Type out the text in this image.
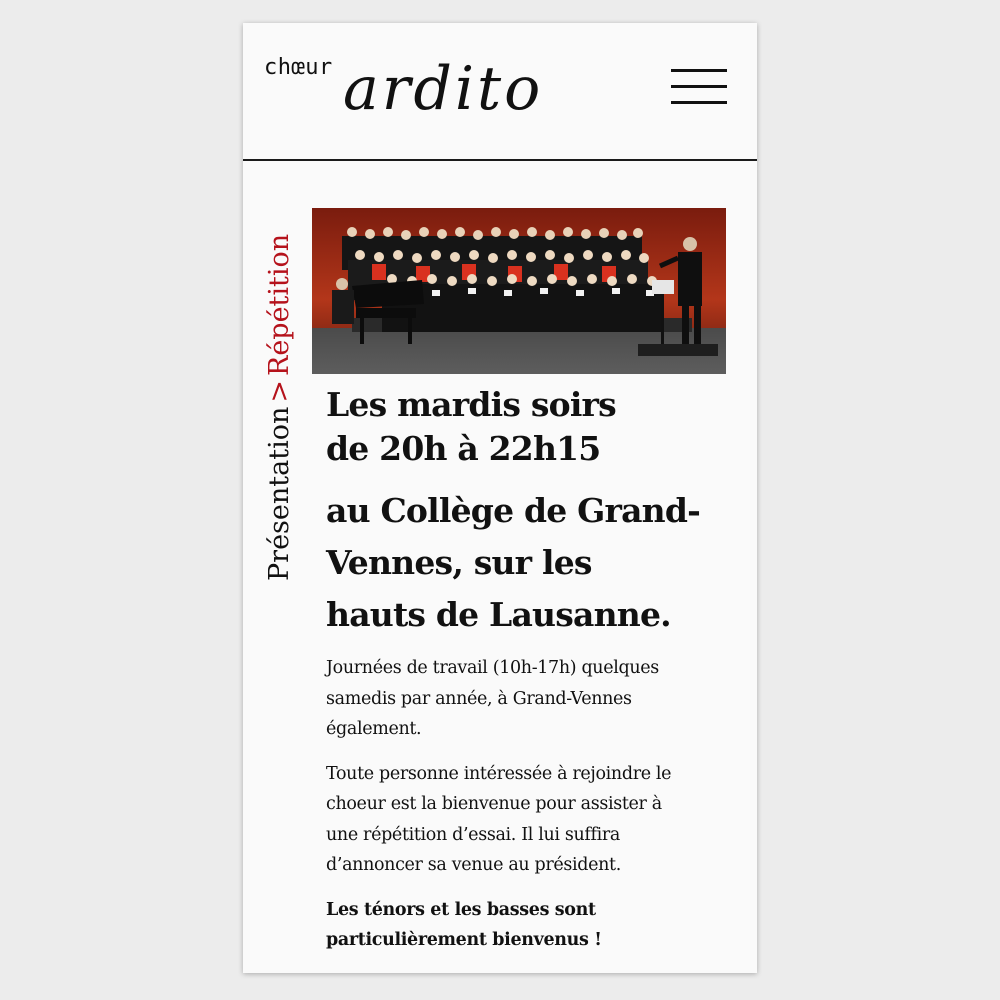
chœur ardito
Présentation>Répétition
Les mardis soirs
de 20h à 22h15
au Collège de Grand-
Vennes, sur les
hauts de Lausanne.

Journées de travail (10h-17h) quelques
samedis par année, à Grand-Vennes
également.

Toute personne intéressée à rejoindre le
choeur est la bienvenue pour assister à
une répétition d’essai. Il lui suffira
d’annoncer sa venue au président.

Les ténors et les basses sont
particulièrement bienvenus !
